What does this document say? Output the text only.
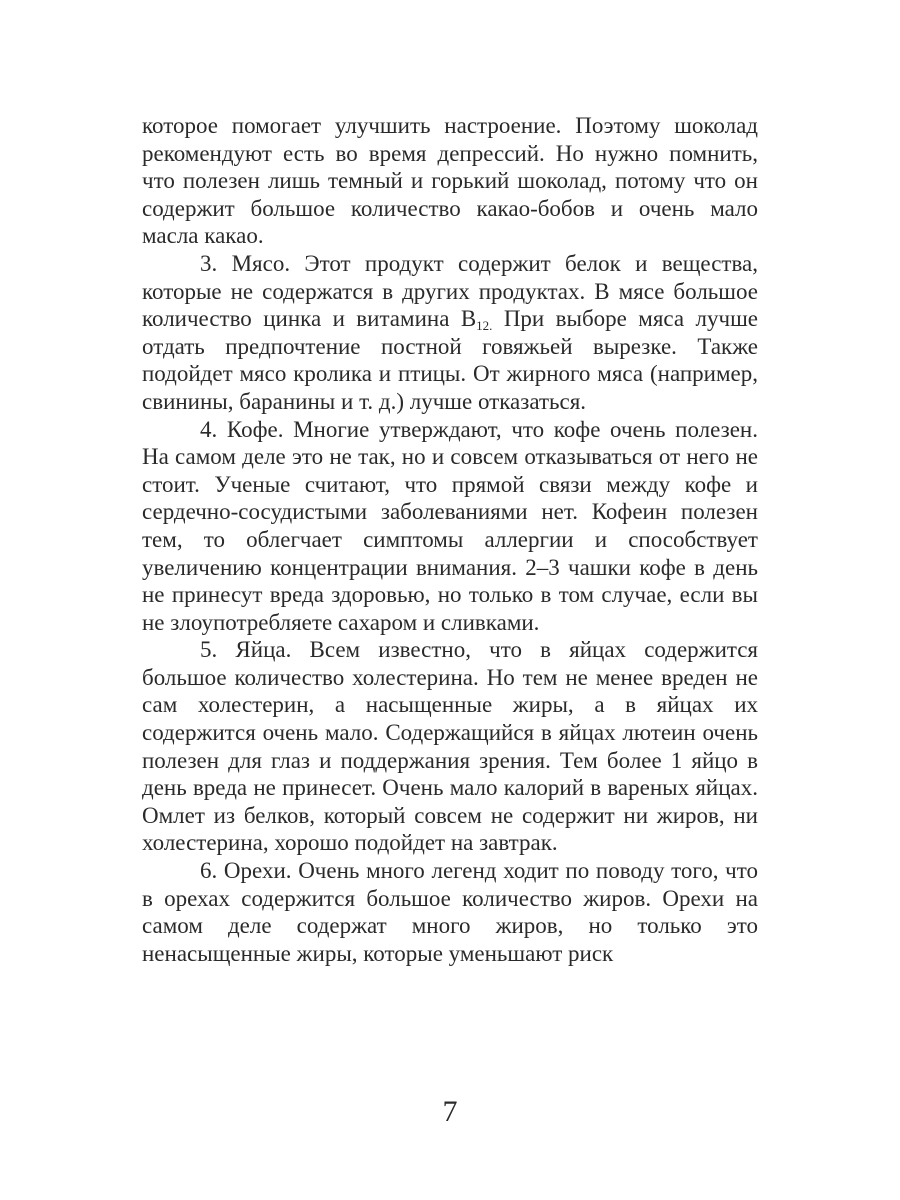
которое помогает улучшить настроение. Поэтому шоколад рекомендуют есть во время депрессий. Но нужно помнить, что полезен лишь темный и горький шоколад, потому что он содержит большое количество какао-бобов и очень мало масла какао.

3. Мясо. Этот продукт содержит белок и вещества, которые не содержатся в других продуктах. В мясе большое количество цинка и витамина $В_{12.}$ При выборе мяса лучше отдать предпочтение постной говяжьей вырезке. Также подойдет мясо кролика и птицы. От жирного мяса (например, свинины, баранины и т. д.) лучше отказаться.

4. Кофе. Многие утверждают, что кофе очень полезен. На самом деле это не так, но и совсем отказываться от него не стоит. Ученые считают, что прямой связи между кофе и сердечно-сосудистыми заболеваниями нет. Кофеин полезен тем, то облегчает симптомы аллергии и способствует увеличению концентрации внимания. 2–3 чашки кофе в день не принесут вреда здоровью, но только в том случае, если вы не злоупотребляете сахаром и сливками.

5. Яйца. Всем известно, что в яйцах содержится большое количество холестерина. Но тем не менее вреден не сам холестерин, а насыщенные жиры, а в яйцах их содержится очень мало. Содержащийся в яйцах лютеин очень полезен для глаз и поддержания зрения. Тем более 1 яйцо в день вреда не принесет. Очень мало калорий в вареных яйцах. Омлет из белков, который совсем не содержит ни жиров, ни холестерина, хорошо подойдет на завтрак.

6. Орехи. Очень много легенд ходит по поводу того, что в орехах содержится большое количество жиров. Орехи на самом деле содержат много жиров, но только это ненасыщенные жиры, которые уменьшают риск

7
